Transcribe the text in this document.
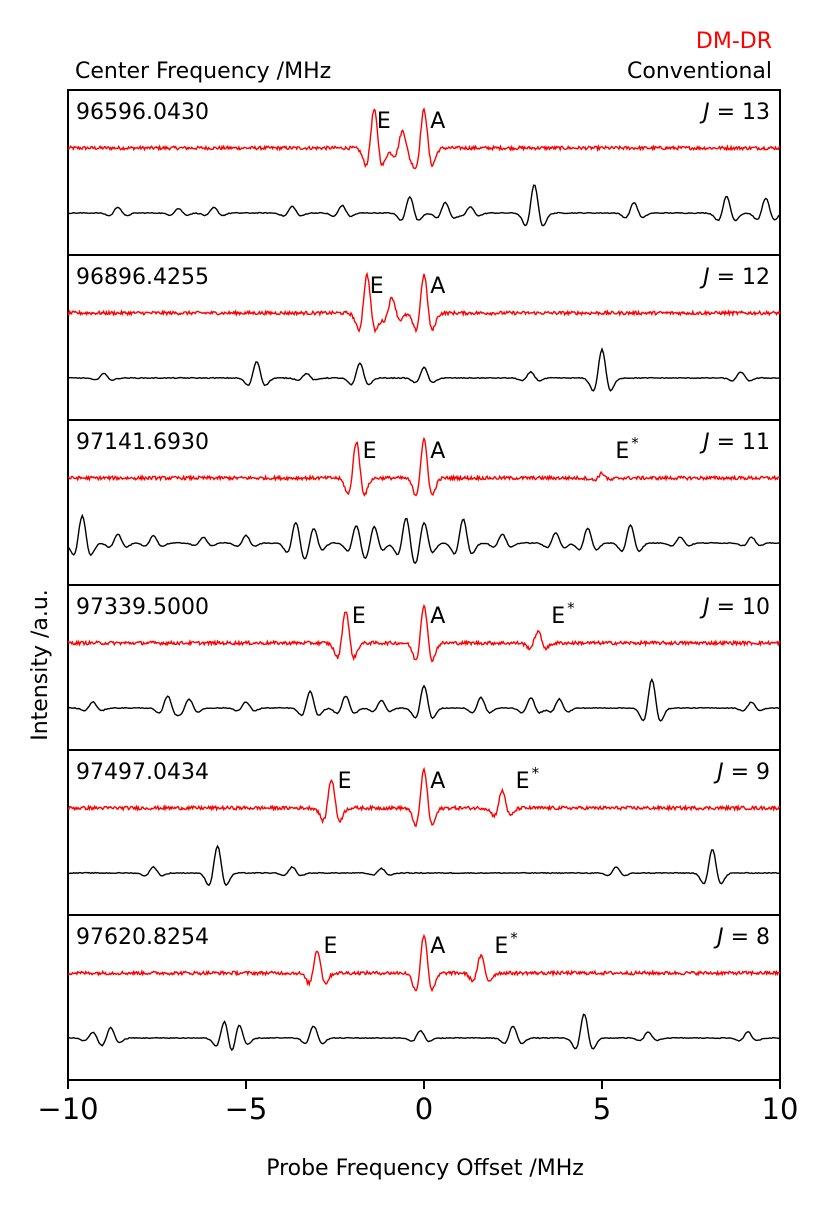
Center Frequency /MHz
DM-DR
Conventional
96596.0430	J = 13
E A
96896.4255	J = 12
E A
97141.6930	J = 11
E A	E *
97339.5000	J = 10
E	A	E *
97497.0434	J = 9
E	A	E *
97620.8254	J = 8
E	A E *
−10	−5	0	5	10
Probe Frequency Offset /MHz
Intensity /a.u.
